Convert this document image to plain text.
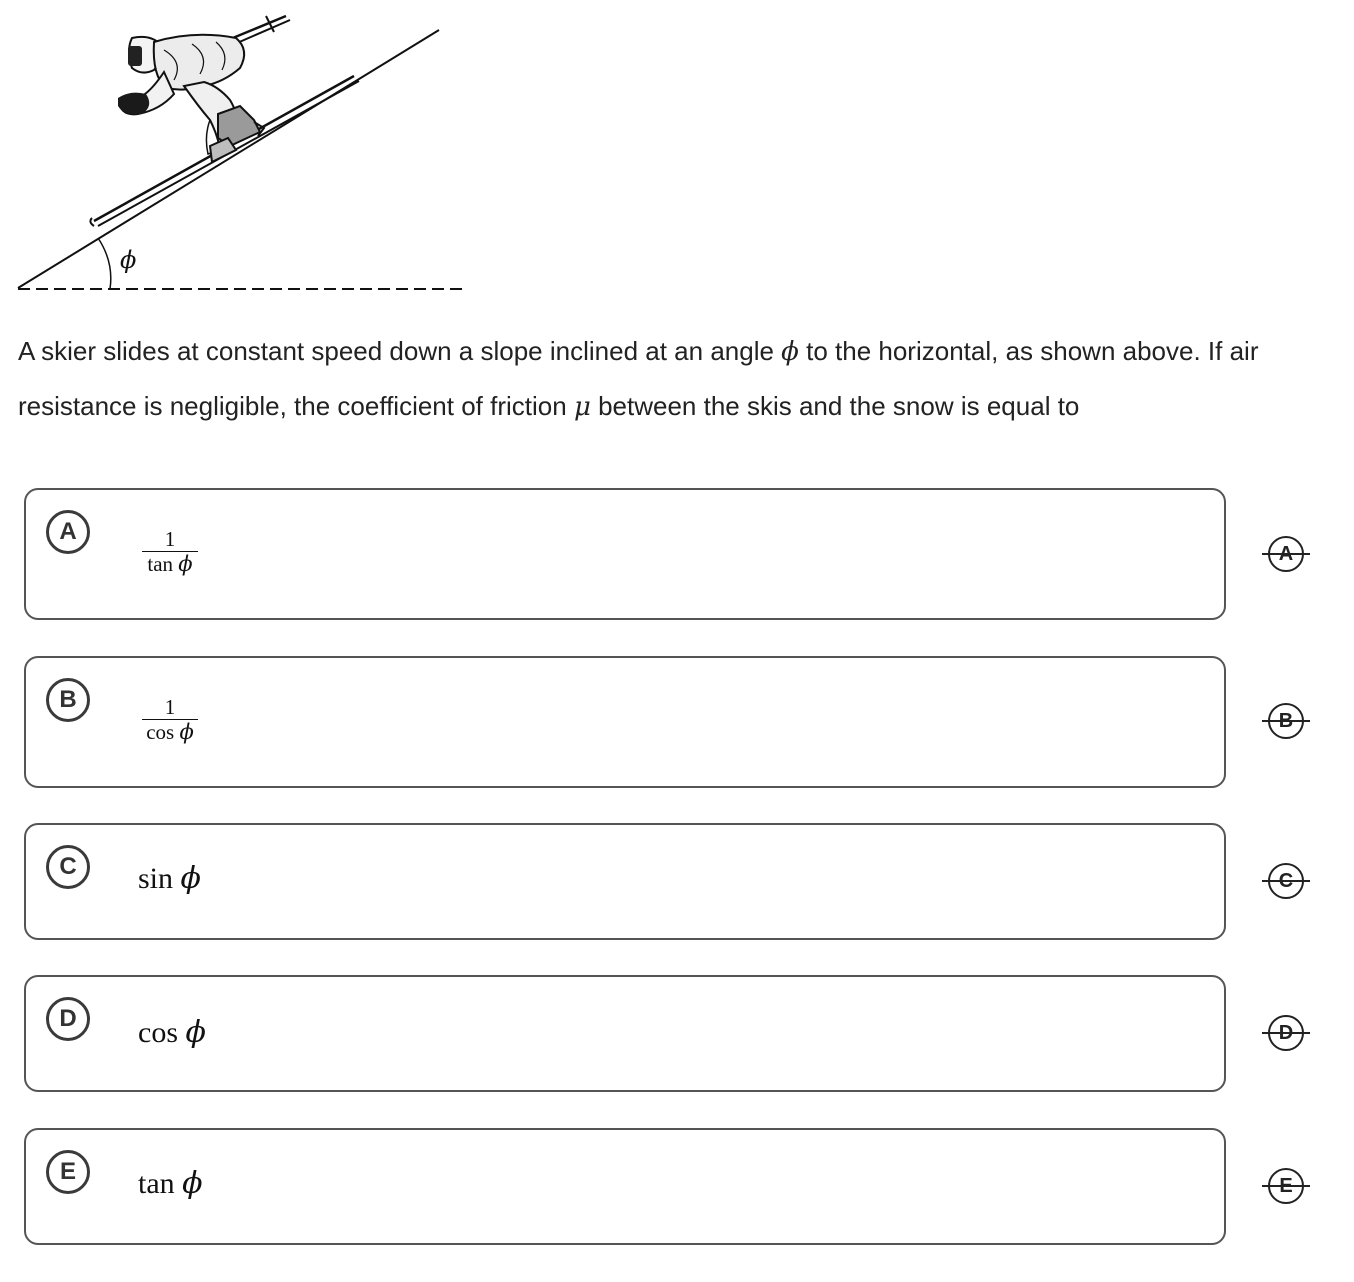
ϕ
A skier slides at constant speed down a slope inclined at an angle ϕ to the horizontal, as shown above. If air resistance is negligible, the coefficient of friction μ between the skis and the snow is equal to
A	1
tan ϕ	A
B	1
cos ϕ	B
C	sin ϕ	C
D	cos ϕ	D
E	tan ϕ	E
